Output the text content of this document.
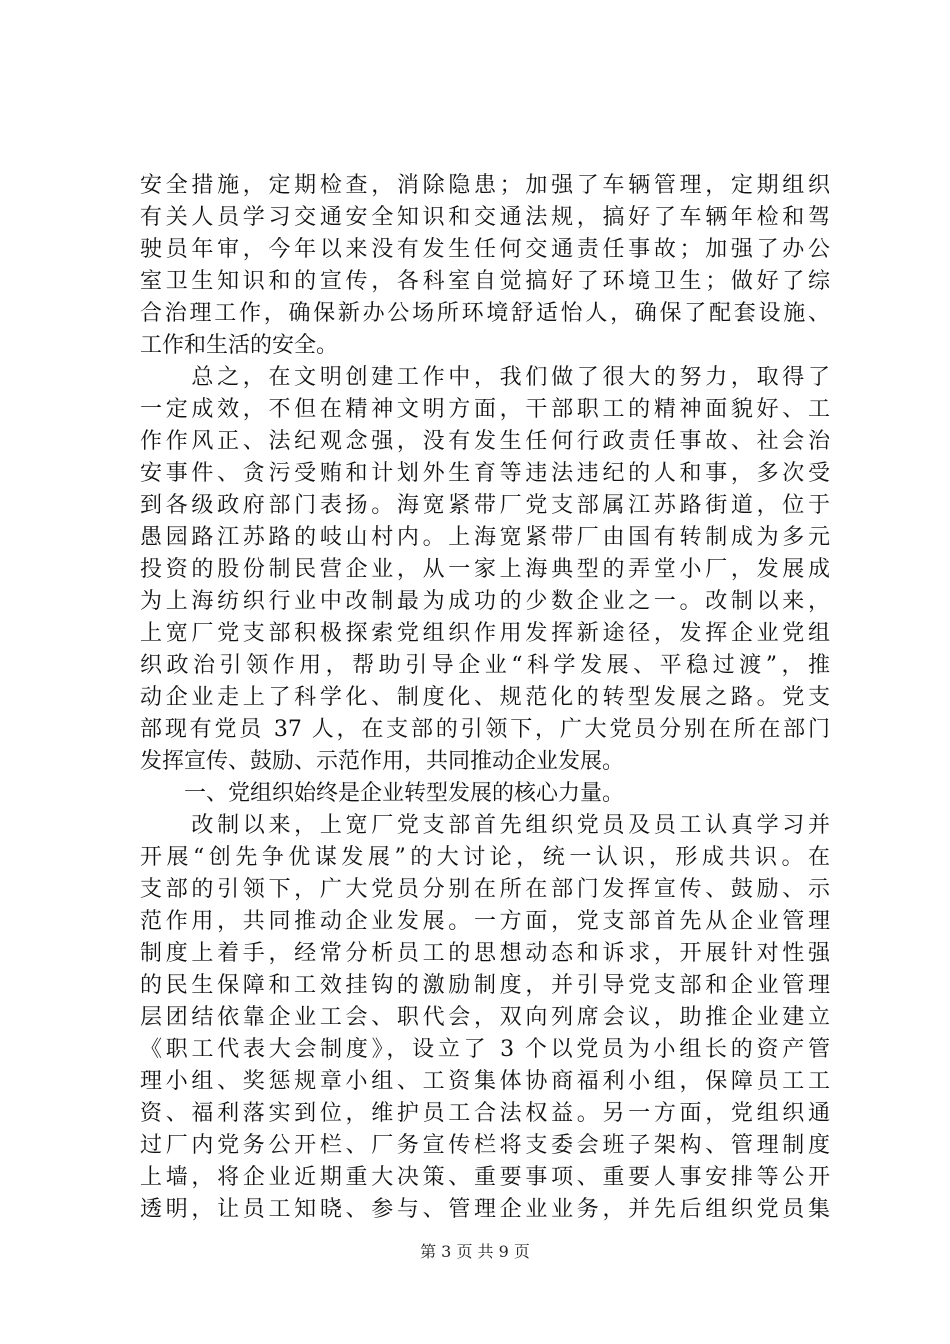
安全措施，定期检查，消除隐患；加强了车辆管理，定期组织
有关人员学习交通安全知识和交通法规，搞好了车辆年检和驾
驶员年审，今年以来没有发生任何交通责任事故；加强了办公
室卫生知识和的宣传，各科室自觉搞好了环境卫生；做好了综
合治理工作，确保新办公场所环境舒适怡人，确保了配套设施、
工作和生活的安全。
　　总之，在文明创建工作中，我们做了很大的努力，取得了
一定成效，不但在精神文明方面，干部职工的精神面貌好、工
作作风正、法纪观念强，没有发生任何行政责任事故、社会治
安事件、贪污受贿和计划外生育等违法违纪的人和事，多次受
到各级政府部门表扬。海宽紧带厂党支部属江苏路街道，位于
愚园路江苏路的岐山村内。上海宽紧带厂由国有转制成为多元
投资的股份制民营企业，从一家上海典型的弄堂小厂，发展成
为上海纺织行业中改制最为成功的少数企业之一。改制以来，
上宽厂党支部积极探索党组织作用发挥新途径，发挥企业党组
织政治引领作用，帮助引导企业“科学发展、平稳过渡”，推
动企业走上了科学化、制度化、规范化的转型发展之路。党支
部现有党员 37 人，在支部的引领下，广大党员分别在所在部门
发挥宣传、鼓励、示范作用，共同推动企业发展。
　　一、党组织始终是企业转型发展的核心力量。
　　改制以来，上宽厂党支部首先组织党员及员工认真学习并
开展“创先争优谋发展”的大讨论，统一认识，形成共识。在
支部的引领下，广大党员分别在所在部门发挥宣传、鼓励、示
范作用，共同推动企业发展。一方面，党支部首先从企业管理
制度上着手，经常分析员工的思想动态和诉求，开展针对性强
的民生保障和工效挂钩的激励制度，并引导党支部和企业管理
层团结依靠企业工会、职代会，双向列席会议，助推企业建立
《职工代表大会制度》，设立了 3 个以党员为小组长的资产管
理小组、奖惩规章小组、工资集体协商福利小组，保障员工工
资、福利落实到位，维护员工合法权益。另一方面，党组织通
过厂内党务公开栏、厂务宣传栏将支委会班子架构、管理制度
上墙，将企业近期重大决策、重要事项、重要人事安排等公开
透明，让员工知晓、参与、管理企业业务，并先后组织党员集
第 3 页 共 9 页
